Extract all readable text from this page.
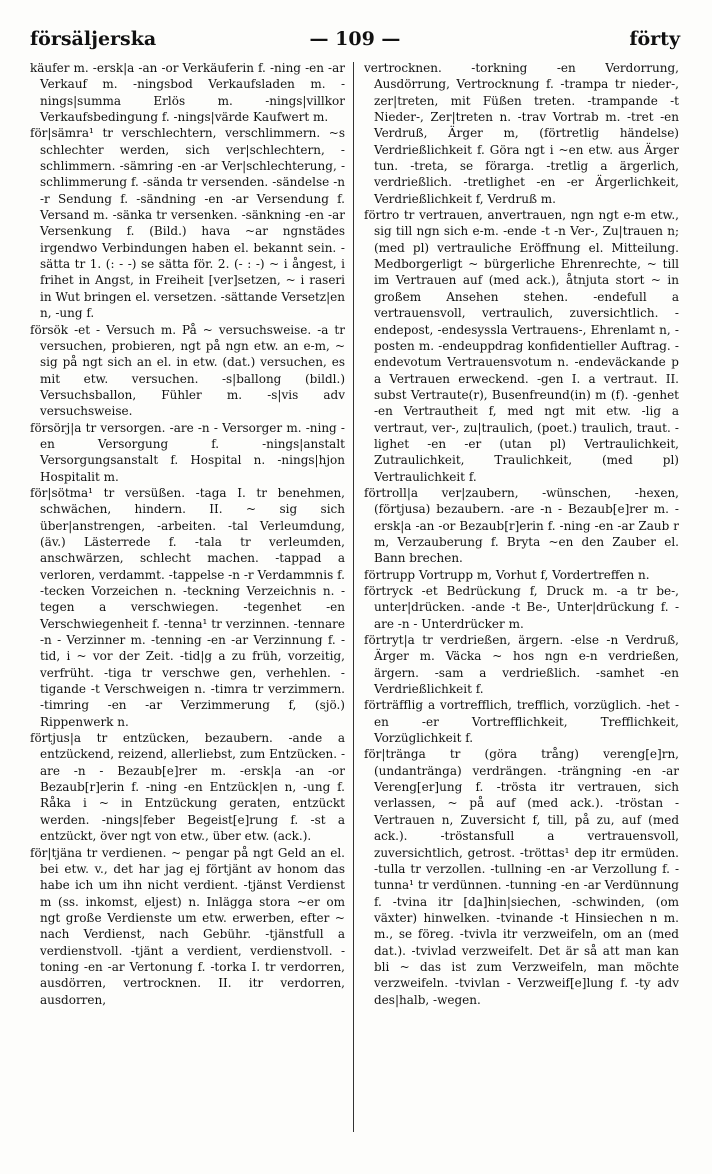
försäljerska	— 109 —	förty

käufer m. -ersk|a -an -or Verkäuferin f. -ning -en -ar Verkauf m. -ningsbod Verkaufsladen m. -nings|summa Erlös m. -nings|villkor Verkaufsbedingung f. -nings|värde Kaufwert m.

för|sämra¹ tr verschlechtern, verschlimmern. ~s schlechter werden, sich ver|schlechtern, -schlimmern. -sämring -en -ar Ver|schlechterung, -schlimmerung f. -sända tr versenden. -sändelse -n -r Sendung f. -sändning -en -ar Versendung f. Versand m. -sänka tr versenken. -sänkning -en -ar Versenkung f. (Bild.) hava ~ar ngnstädes irgendwo Verbindungen haben el. bekannt sein. -sätta tr 1. (: - -) se sätta för. 2. (- : -) ~ i ångest, i frihet in Angst, in Freiheit [ver]setzen, ~ i raseri in Wut bringen el. versetzen. -sättande Versetz|en n, -ung f.

försök -et - Versuch m. På ~ versuchsweise. -a tr versuchen, probieren, ngt på ngn etw. an e-m, ~ sig på ngt sich an el. in etw. (dat.) versuchen, es mit etw. versuchen. -s|ballong (bildl.) Versuchsballon, Fühler m. -s|vis adv versuchsweise.

försörj|a tr versorgen. -are -n - Versorger m. -ning -en Versorgung f. -nings|anstalt Versorgungsanstalt f. Hospital n. -nings|hjon Hospitalit m.

för|sötma¹ tr versüßen. -taga I. tr benehmen, schwächen, hindern. II. ~ sig sich über|anstrengen, -arbeiten. -tal Verleumdung, (äv.) Lästerrede f. -tala tr verleumden, anschwärzen, schlecht machen. -tappad a verloren, verdammt. -tappelse -n -r Verdammnis f. -tecken Vorzeichen n. -teckning Verzeichnis n. -tegen a verschwiegen. -tegenhet -en Verschwiegenheit f. -tenna¹ tr verzinnen. -tennare -n - Verzinner m. -tenning -en -ar Verzinnung f. -tid, i ~ vor der Zeit. -tid|g a zu früh, vorzeitig, verfrüht. -tiga tr verschwe gen, verhehlen. -tigande -t Verschweigen n. -timra tr verzimmern. -timring -en -ar Verzimmerung f, (sjö.) Rippenwerk n.

förtjus|a tr entzücken, bezaubern. -ande a entzückend, reizend, allerliebst, zum Entzücken. -are -n - Bezaub[e]rer m. -ersk|a -an -or Bezaub[r]erin f. -ning -en Entzück|en n, -ung f. Råka i ~ in Entzückung geraten, entzückt werden. -nings|feber Begeist[e]rung f. -st a entzückt, över ngt von etw., über etw. (ack.).

för|tjäna tr verdienen. ~ pengar på ngt Geld an el. bei etw. v., det har jag ej förtjänt av honom das habe ich um ihn nicht verdient. -tjänst Verdienst m (ss. inkomst, eljest) n. Inlägga stora ~er om ngt große Verdienste um etw. erwerben, efter ~ nach Verdienst, nach Gebühr. -tjänstfull a verdienstvoll. -tjänt a verdient, verdienstvoll. -toning -en -ar Vertonung f. -torka I. tr verdorren, ausdörren, vertrocknen. II. itr verdorren, ausdorren,

vertrocknen. -torkning -en Verdorrung, Ausdörrung, Vertrocknung f. -trampa tr nieder-, zer|treten, mit Füßen treten. -trampande -t Nieder-, Zer|treten n. -trav Vortrab m. -tret -en Verdruß, Ärger m, (förtretlig händelse) Verdrießlichkeit f. Göra ngt i ~en etw. aus Ärger tun. -treta, se förarga. -tretlig a ärgerlich, verdrießlich. -tretlighet -en -er Ärgerlichkeit, Verdrießlichkeit f, Verdruß m.

förtro tr vertrauen, anvertrauen, ngn ngt e-m etw., sig till ngn sich e-m. -ende -t -n Ver-, Zu|trauen n; (med pl) vertrauliche Eröffnung el. Mitteilung. Medborgerligt ~ bürgerliche Ehrenrechte, ~ till im Vertrauen auf (med ack.), åtnjuta stort ~ in großem Ansehen stehen. -endefull a vertrauensvoll, vertraulich, zuversichtlich. -endepost, -endesyssla Vertrauens-, Ehrenlamt n, -posten m. -endeuppdrag konfidentieller Auftrag. -endevotum Vertrauensvotum n. -endeväckande p a Vertrauen erweckend. -gen I. a vertraut. II. subst Vertraute(r), Busenfreund(in) m (f). -genhet -en Vertrautheit f, med ngt mit etw. -lig a vertraut, ver-, zu|traulich, (poet.) traulich, traut. -lighet -en -er (utan pl) Vertraulichkeit, Zutraulichkeit, Traulichkeit, (med pl) Vertraulichkeit f.

förtroll|a ver|zaubern, -wünschen, -hexen, (förtjusa) bezaubern. -are -n - Bezaub[e]rer m. -ersk|a -an -or Bezaub[r]erin f. -ning -en -ar Zaub r m, Verzauberung f. Bryta ~en den Zauber el. Bann brechen.

förtrupp Vortrupp m, Vorhut f, Vordertreffen n.

förtryck -et Bedrückung f, Druck m. -a tr be-, unter|drücken. -ande -t Be-, Unter|drückung f. -are -n - Unterdrücker m.

förtryt|a tr verdrießen, ärgern. -else -n Verdruß, Ärger m. Väcka ~ hos ngn e-n verdrießen, ärgern. -sam a verdrießlich. -samhet -en Verdrießlichkeit f.

förträfflig a vortrefflich, trefflich, vorzüglich. -het -en -er Vortrefflichkeit, Trefflichkeit, Vorzüglichkeit f.

för|tränga tr (göra trång) vereng[e]rn, (undantränga) verdrängen. -trängning -en -ar Vereng[er]ung f. -trösta itr vertrauen, sich verlassen, ~ på auf (med ack.). -tröstan - Vertrauen n, Zuversicht f, till, på zu, auf (med ack.). -tröstansfull a vertrauensvoll, zuversichtlich, getrost. -tröttas¹ dep itr ermüden. -tulla tr verzollen. -tullning -en -ar Verzollung f. -tunna¹ tr verdünnen. -tunning -en -ar Verdünnung f. -tvina itr [da]hin|siechen, -schwinden, (om växter) hinwelken. -tvinande -t Hinsiechen n m. m., se föreg. -tvivla itr verzweifeln, om an (med dat.). -tvivlad verzweifelt. Det är så att man kan bli ~ das ist zum Verzweifeln, man möchte verzweifeln. -tvivlan - Verzweif[e]lung f. -ty adv des|halb, -wegen.
